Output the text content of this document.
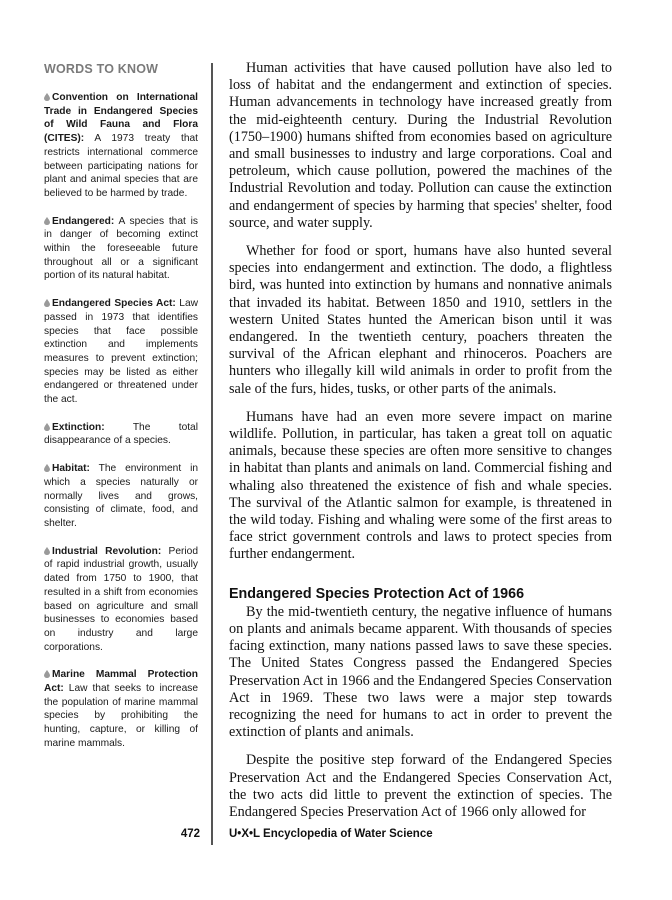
WORDS TO KNOW
Convention on International Trade in Endangered Species of Wild Fauna and Flora (CITES): A 1973 treaty that restricts international commerce between participating nations for plant and animal species that are believed to be harmed by trade.
Endangered: A species that is in danger of becoming extinct within the foreseeable future throughout all or a significant portion of its natural habitat.
Endangered Species Act: Law passed in 1973 that identifies species that face possible extinction and implements measures to prevent extinction; species may be listed as either endangered or threatened under the act.
Extinction: The total disappearance of a species.
Habitat: The environment in which a species naturally or normally lives and grows, consisting of climate, food, and shelter.
Industrial Revolution: Period of rapid industrial growth, usually dated from 1750 to 1900, that resulted in a shift from economies based on agriculture and small businesses to economies based on industry and large corporations.
Marine Mammal Protection Act: Law that seeks to increase the population of marine mammal species by prohibiting the hunting, capture, or killing of marine mammals.

Human activities that have caused pollution have also led to loss of habitat and the endangerment and extinction of species. Human advancements in technology have increased greatly from the mid-eighteenth century. During the Industrial Revolution (1750–1900) humans shifted from economies based on agriculture and small businesses to industry and large corporations. Coal and petroleum, which cause pollution, powered the machines of the Industrial Revolution and today. Pollution can cause the extinction and endangerment of species by harming that species' shelter, food source, and water supply.

Whether for food or sport, humans have also hunted several species into endangerment and extinction. The dodo, a flightless bird, was hunted into extinction by humans and nonnative animals that invaded its habitat. Between 1850 and 1910, settlers in the western United States hunted the American bison until it was endangered. In the twentieth century, poachers threaten the survival of the African elephant and rhinoceros. Poachers are hunters who illegally kill wild animals in order to profit from the sale of the furs, hides, tusks, or other parts of the animals.

Humans have had an even more severe impact on marine wildlife. Pollution, in particular, has taken a great toll on aquatic animals, because these species are often more sensitive to changes in habitat than plants and animals on land. Commercial fishing and whaling also threatened the existence of fish and whale species. The survival of the Atlantic salmon for example, is threatened in the wild today. Fishing and whaling were some of the first areas to face strict government controls and laws to protect species from further endangerment.

Endangered Species Protection Act of 1966

By the mid-twentieth century, the negative influence of humans on plants and animals became apparent. With thousands of species facing extinction, many nations passed laws to save these species. The United States Congress passed the Endangered Species Preservation Act in 1966 and the Endangered Species Conservation Act in 1969. These two laws were a major step towards recognizing the need for humans to act in order to prevent the extinction of plants and animals.

Despite the positive step forward of the Endangered Species Preservation Act and the Endangered Species Conservation Act, the two acts did little to prevent the extinction of species. The Endangered Species Preservation Act of 1966 only allowed for

472	U•X•L Encyclopedia of Water Science
